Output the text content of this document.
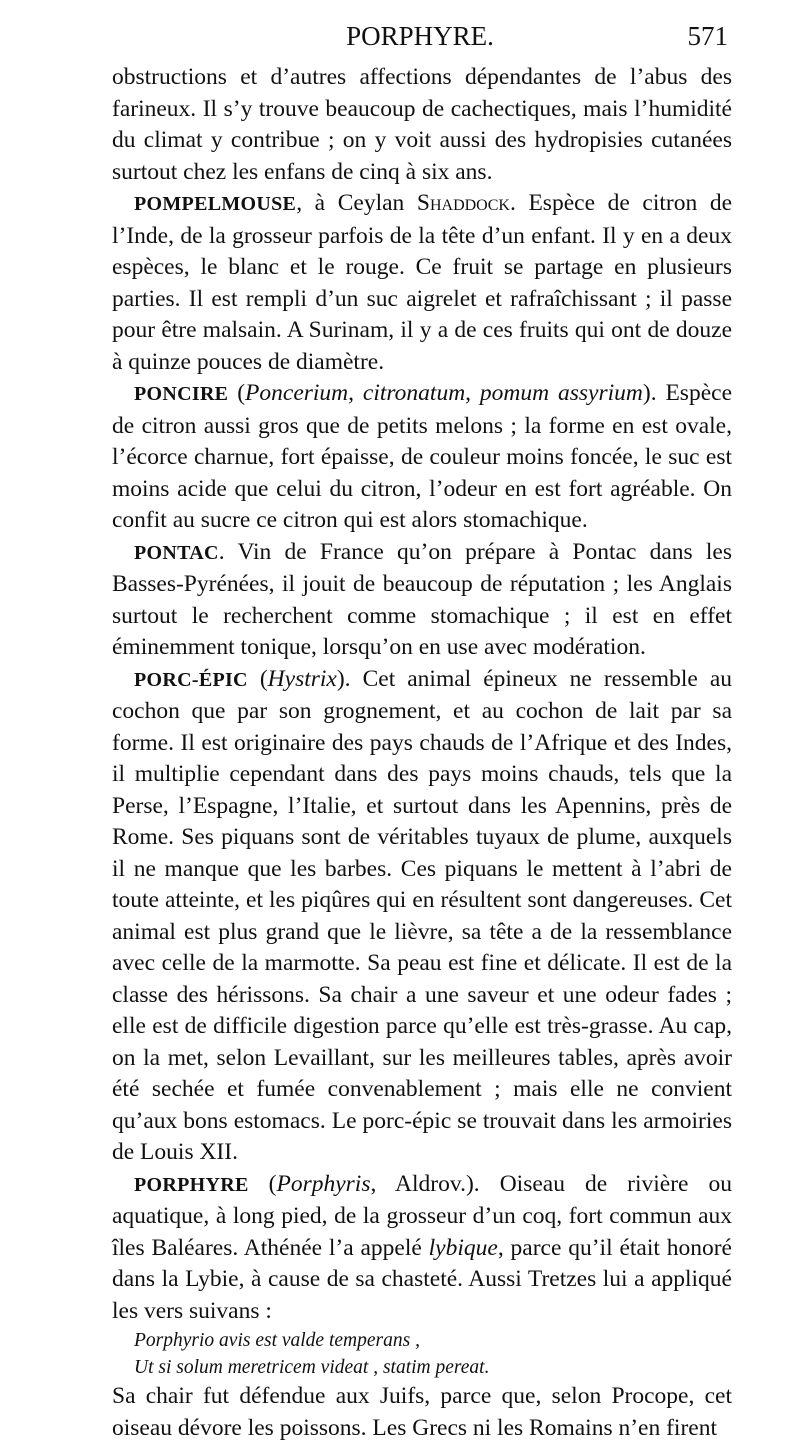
PORPHYRE.	571

obstructions et d’autres affections dépendantes de l’abus des farineux. Il s’y trouve beaucoup de cachectiques, mais l’humidité du climat y contribue ; on y voit aussi des hydropisies cutanées surtout chez les enfans de cinq à six ans.

POMPELMOUSE, à Ceylan Shaddock. Espèce de citron de l’Inde, de la grosseur parfois de la tête d’un enfant. Il y en a deux espèces, le blanc et le rouge. Ce fruit se partage en plusieurs parties. Il est rempli d’un suc aigrelet et rafraîchissant ; il passe pour être malsain. A Surinam, il y a de ces fruits qui ont de douze à quinze pouces de diamètre.

PONCIRE (Poncerium, citronatum, pomum assyrium). Espèce de citron aussi gros que de petits melons ; la forme en est ovale, l’écorce charnue, fort épaisse, de couleur moins foncée, le suc est moins acide que celui du citron, l’odeur en est fort agréable. On confit au sucre ce citron qui est alors stomachique.

PONTAC. Vin de France qu’on prépare à Pontac dans les Basses-Pyrénées, il jouit de beaucoup de réputation ; les Anglais surtout le recherchent comme stomachique ; il est en effet éminemment tonique, lorsqu’on en use avec modération.

PORC-ÉPIC (Hystrix). Cet animal épineux ne ressemble au cochon que par son grognement, et au cochon de lait par sa forme. Il est originaire des pays chauds de l’Afrique et des Indes, il multiplie cependant dans des pays moins chauds, tels que la Perse, l’Espagne, l’Italie, et surtout dans les Apennins, près de Rome. Ses piquans sont de véritables tuyaux de plume, auxquels il ne manque que les barbes. Ces piquans le mettent à l’abri de toute atteinte, et les piqûres qui en résultent sont dangereuses. Cet animal est plus grand que le lièvre, sa tête a de la ressemblance avec celle de la marmotte. Sa peau est fine et délicate. Il est de la classe des hérissons. Sa chair a une saveur et une odeur fades ; elle est de difficile digestion parce qu’elle est très-grasse. Au cap, on la met, selon Levaillant, sur les meilleures tables, après avoir été sechée et fumée convenablement ; mais elle ne convient qu’aux bons estomacs. Le porc-épic se trouvait dans les armoiries de Louis XII.

PORPHYRE (Porphyris, Aldrov.). Oiseau de rivière ou aquatique, à long pied, de la grosseur d’un coq, fort commun aux îles Baléares. Athénée l’a appelé lybique, parce qu’il était honoré dans la Lybie, à cause de sa chasteté. Aussi Tretzes lui a appliqué les vers suivans :

Porphyrio avis est valde temperans ,

Ut si solum meretricem videat , statim pereat.

Sa chair fut défendue aux Juifs, parce que, selon Procope, cet oiseau dévore les poissons. Les Grecs ni les Romains n’en firent
